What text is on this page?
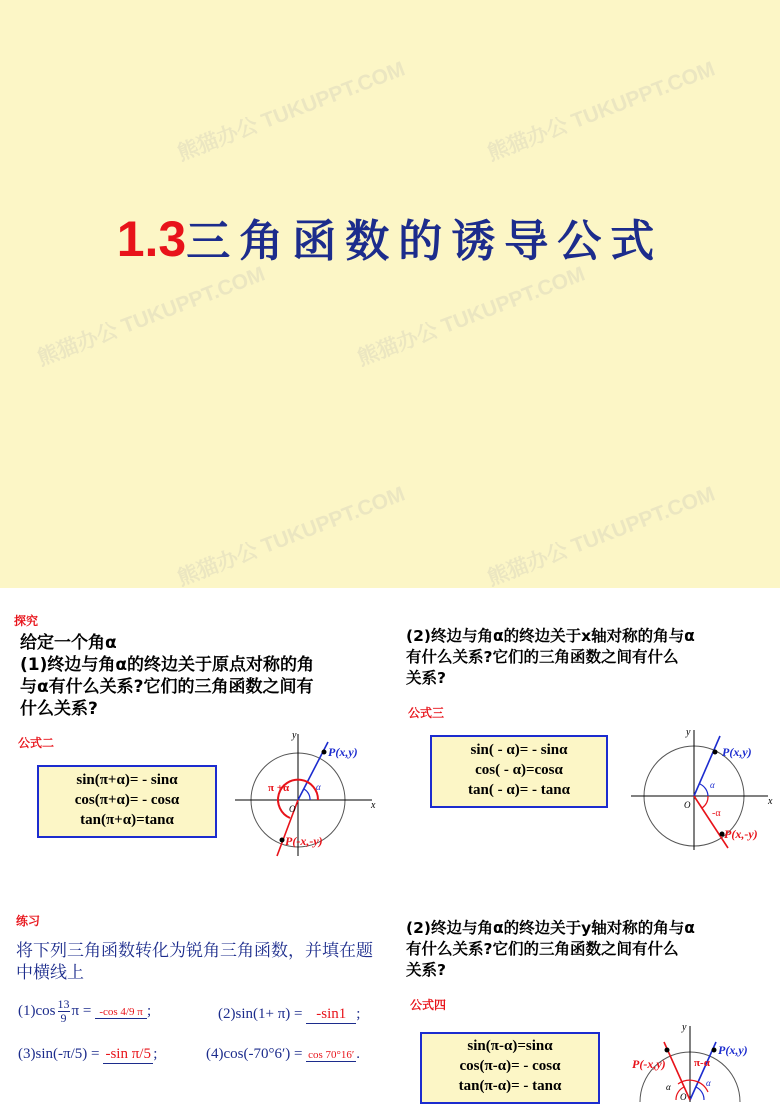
熊猫办公 TUKUPPT.COM	熊猫办公 TUKUPPT.COM
熊猫办公 TUKUPPT.COM	熊猫办公 TUKUPPT.COM
熊猫办公 TUKUPPT.COM	熊猫办公 TUKUPPT.COM
1.3三角函数的诱导公式
探究
给定一个角α
(1)终边与角α的终边关于原点对称的角
与α有什么关系?它们的三角函数之间有
什么关系?
公式二
sin(π+α)= - sinα
cos(π+α)= - cosα
tan(π+α)=tanα
y
x
O
P(x,y)
P(-x,-y)
π +α	α
(2)终边与角α的终边关于x轴对称的角与α
有什么关系?它们的三角函数之间有什么
关系?
公式三
sin( - α)= - sinα
cos( - α)=cosα
tan( - α)= - tanα
y
x
O
P(x,y)
P(x,-y)
α
-α
练习
将下列三角函数转化为锐角三角函数，并填在题中横线上
$(1)\cos \frac{13}{9}$ π = -cos 4/9 π ;	(2)sin(1+ π) = -sin1 ;
(3)sin(-π/5) = -sin π/5 ;	(4)cos(-70°6′) = cos 70°16′ .
(2)终边与角α的终边关于y轴对称的角与α
有什么关系?它们的三角函数之间有什么
关系?
公式四
sin(π-α)=sinα
cos(π-α)= - cosα
tan(π-α)= - tanα
y
O
P(x,y)
P(-x,y)	π-α
α
α
